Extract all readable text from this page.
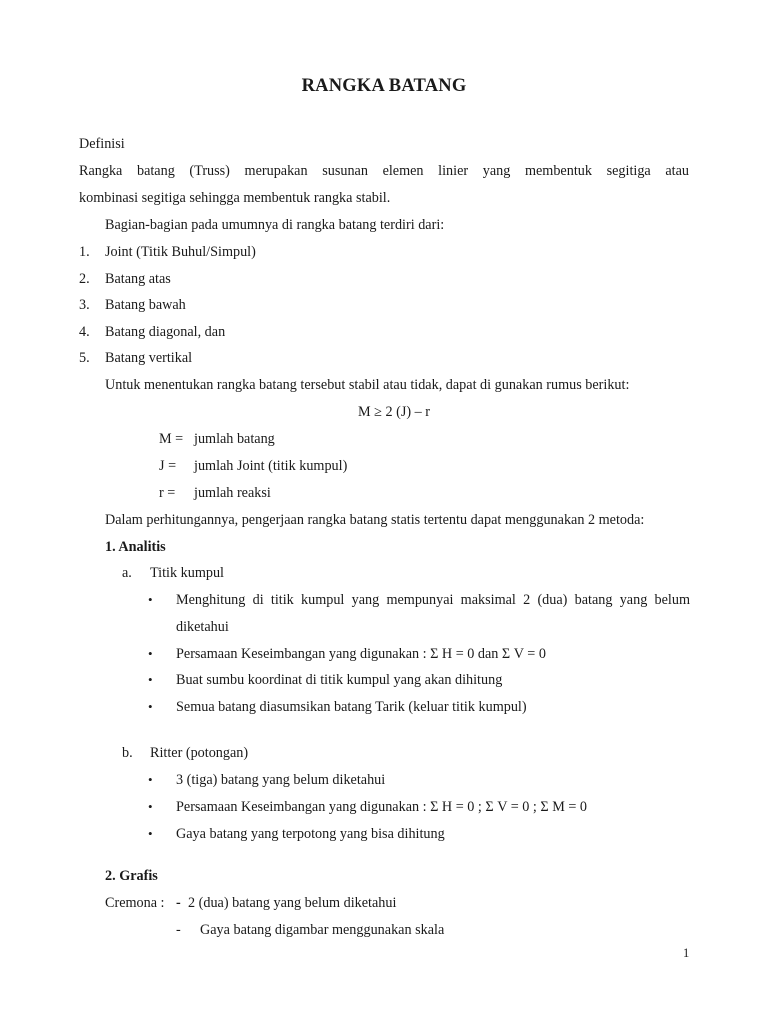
RANGKA BATANG
Definisi
Rangka batang (Truss) merupakan susunan elemen linier yang membentuk segitiga atau
kombinasi segitiga sehingga membentuk rangka stabil.
Bagian-bagian pada umumnya di rangka batang terdiri dari:
1. Joint (Titik Buhul/Simpul)
2. Batang atas
3. Batang bawah
4. Batang diagonal, dan
5. Batang vertikal
Untuk menentukan rangka batang tersebut stabil atau tidak, dapat di gunakan rumus berikut:
M ≥ 2 (J) – r
M = jumlah batang
J = jumlah Joint (titik kumpul)
r = jumlah reaksi
Dalam perhitungannya, pengerjaan rangka batang statis tertentu dapat menggunakan 2 metoda:
1. Analitis
a. Titik kumpul
• Menghitung di titik kumpul yang mempunyai maksimal 2 (dua) batang yang belum
diketahui
• Persamaan Keseimbangan yang digunakan : Σ H = 0 dan Σ V = 0
• Buat sumbu koordinat di titik kumpul yang akan dihitung
• Semua batang diasumsikan batang Tarik (keluar titik kumpul)
b. Ritter (potongan)
• 3 (tiga) batang yang belum diketahui
• Persamaan Keseimbangan yang digunakan : Σ H = 0 ; Σ V = 0 ; Σ M = 0
• Gaya batang yang terpotong yang bisa dihitung
2. Grafis
Cremona : - 2 (dua) batang yang belum diketahui
- Gaya batang digambar menggunakan skala
1
